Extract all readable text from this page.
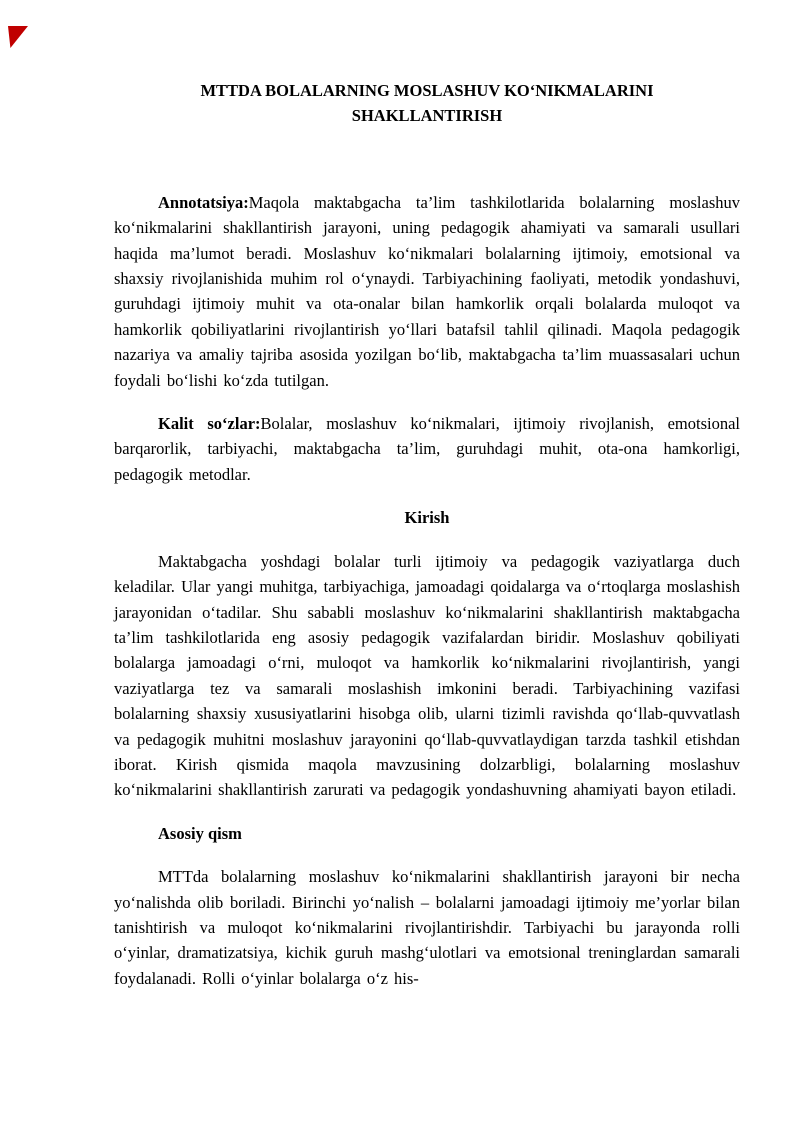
MTTDA BOLALARNING MOSLASHUV KO‘NIKMALARINI
SHAKLLANTIRISH

Annotatsiya:Maqola maktabgacha ta’lim tashkilotlarida bolalarning moslashuv ko‘nikmalarini shakllantirish jarayoni, uning pedagogik ahamiyati va samarali usullari haqida ma’lumot beradi. Moslashuv ko‘nikmalari bolalarning ijtimoiy, emotsional va shaxsiy rivojlanishida muhim rol o‘ynaydi. Tarbiyachining faoliyati, metodik yondashuvi, guruhdagi ijtimoiy muhit va ota-onalar bilan hamkorlik orqali bolalarda muloqot va hamkorlik qobiliyatlarini rivojlantirish yo‘llari batafsil tahlil qilinadi. Maqola pedagogik nazariya va amaliy tajriba asosida yozilgan bo‘lib, maktabgacha ta’lim muassasalari uchun foydali bo‘lishi ko‘zda tutilgan.

Kalit so‘zlar:Bolalar, moslashuv ko‘nikmalari, ijtimoiy rivojlanish, emotsional barqarorlik, tarbiyachi, maktabgacha ta’lim, guruhdagi muhit, ota-ona hamkorligi, pedagogik metodlar.

Kirish

Maktabgacha yoshdagi bolalar turli ijtimoiy va pedagogik vaziyatlarga duch keladilar. Ular yangi muhitga, tarbiyachiga, jamoadagi qoidalarga va o‘rtoqlarga moslashish jarayonidan o‘tadilar. Shu sababli moslashuv ko‘nikmalarini shakllantirish maktabgacha ta’lim tashkilotlarida eng asosiy pedagogik vazifalardan biridir. Moslashuv qobiliyati bolalarga jamoadagi o‘rni, muloqot va hamkorlik ko‘nikmalarini rivojlantirish, yangi vaziyatlarga tez va samarali moslashish imkonini beradi. Tarbiyachining vazifasi bolalarning shaxsiy xususiyatlarini hisobga olib, ularni tizimli ravishda qo‘llab-quvvatlash va pedagogik muhitni moslashuv jarayonini qo‘llab-quvvatlaydigan tarzda tashkil etishdan iborat. Kirish qismida maqola mavzusining dolzarbligi, bolalarning moslashuv ko‘nikmalarini shakllantirish zarurati va pedagogik yondashuvning ahamiyati bayon etiladi.

Asosiy qism

MTTda bolalarning moslashuv ko‘nikmalarini shakllantirish jarayoni bir necha yo‘nalishda olib boriladi. Birinchi yo‘nalish – bolalarni jamoadagi ijtimoiy me’yorlar bilan tanishtirish va muloqot ko‘nikmalarini rivojlantirishdir. Tarbiyachi bu jarayonda rolli o‘yinlar, dramatizatsiya, kichik guruh mashg‘ulotlari va emotsional treninglardan samarali foydalanadi. Rolli o‘yinlar bolalarga o‘z his-
